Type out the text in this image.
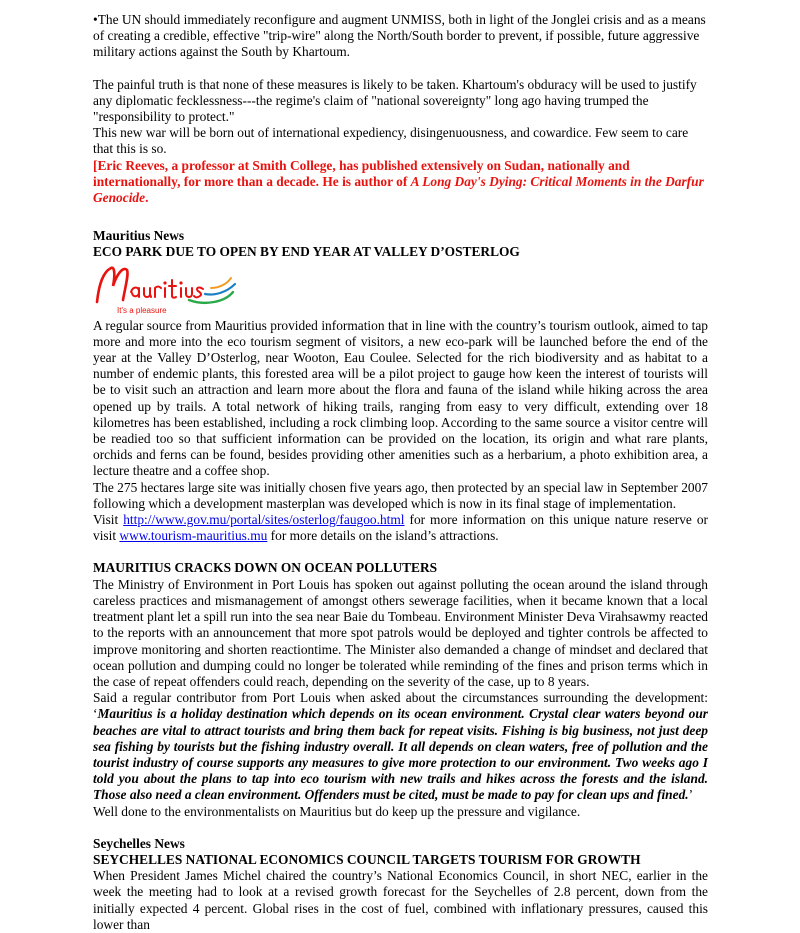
•The UN should immediately reconfigure and augment UNMISS, both in light of the Jonglei crisis and as a means of creating a credible, effective "trip-wire" along the North/South border to prevent, if possible, future aggressive military actions against the South by Khartoum.

The painful truth is that none of these measures is likely to be taken. Khartoum's obduracy will be used to justify any diplomatic fecklessness---the regime's claim of "national sovereignty" long ago having trumped the "responsibility to protect."

This new war will be born out of international expediency, disingenuousness, and cowardice. Few seem to care that this is so.

[Eric Reeves, a professor at Smith College, has published extensively on Sudan, nationally and internationally, for more than a decade. He is author of A Long Day's Dying: Critical Moments in the Darfur Genocide.

Mauritius News

ECO PARK DUE TO OPEN BY END YEAR AT VALLEY D’OSTERLOG

It's a pleasure

A regular source from Mauritius provided information that in line with the country’s tourism outlook, aimed to tap more and more into the eco tourism segment of visitors, a new eco-park will be launched before the end of the year at the Valley D’Osterlog, near Wooton, Eau Coulee. Selected for the rich biodiversity and as habitat to a number of endemic plants, this forested area will be a pilot project to gauge how keen the interest of tourists will be to visit such an attraction and learn more about the flora and fauna of the island while hiking across the area opened up by trails. A total network of hiking trails, ranging from easy to very difficult, extending over 18 kilometres has been established, including a rock climbing loop. According to the same source a visitor centre will be readied too so that sufficient information can be provided on the location, its origin and what rare plants, orchids and ferns can be found, besides providing other amenities such as a herbarium, a photo exhibition area, a lecture theatre and a coffee shop.

The 275 hectares large site was initially chosen five years ago, then protected by an special law in September 2007 following which a development masterplan was developed which is now in its final stage of implementation.

Visit http://www.gov.mu/portal/sites/osterlog/faugoo.html for more information on this unique nature reserve or visit www.tourism-mauritius.mu for more details on the island’s attractions.

MAURITIUS CRACKS DOWN ON OCEAN POLLUTERS

The Ministry of Environment in Port Louis has spoken out against polluting the ocean around the island through careless practices and mismanagement of amongst others sewerage facilities, when it became known that a local treatment plant let a spill run into the sea near Baie du Tombeau. Environment Minister Deva Virahsawmy reacted to the reports with an announcement that more spot patrols would be deployed and tighter controls be affected to improve monitoring and shorten reactiontime. The Minister also demanded a change of mindset and declared that ocean pollution and dumping could no longer be tolerated while reminding of the fines and prison terms which in the case of repeat offenders could reach, depending on the severity of the case, up to 8 years.

Said a regular contributor from Port Louis when asked about the circumstances surrounding the development: ‘Mauritius is a holiday destination which depends on its ocean environment. Crystal clear waters beyond our beaches are vital to attract tourists and bring them back for repeat visits. Fishing is big business, not just deep sea fishing by tourists but the fishing industry overall. It all depends on clean waters, free of pollution and the tourist industry of course supports any measures to give more protection to our environment. Two weeks ago I told you about the plans to tap into eco tourism with new trails and hikes across the forests and the island. Those also need a clean environment. Offenders must be cited, must be made to pay for clean ups and fined.’

Well done to the environmentalists on Mauritius but do keep up the pressure and vigilance.

Seychelles News

SEYCHELLES NATIONAL ECONOMICS COUNCIL TARGETS TOURISM FOR GROWTH

When President James Michel chaired the country’s National Economics Council, in short NEC, earlier in the week the meeting had to look at a revised growth forecast for the Seychelles of 2.8 percent, down from the initially expected 4 percent. Global rises in the cost of fuel, combined with inflationary pressures, caused this lower than
